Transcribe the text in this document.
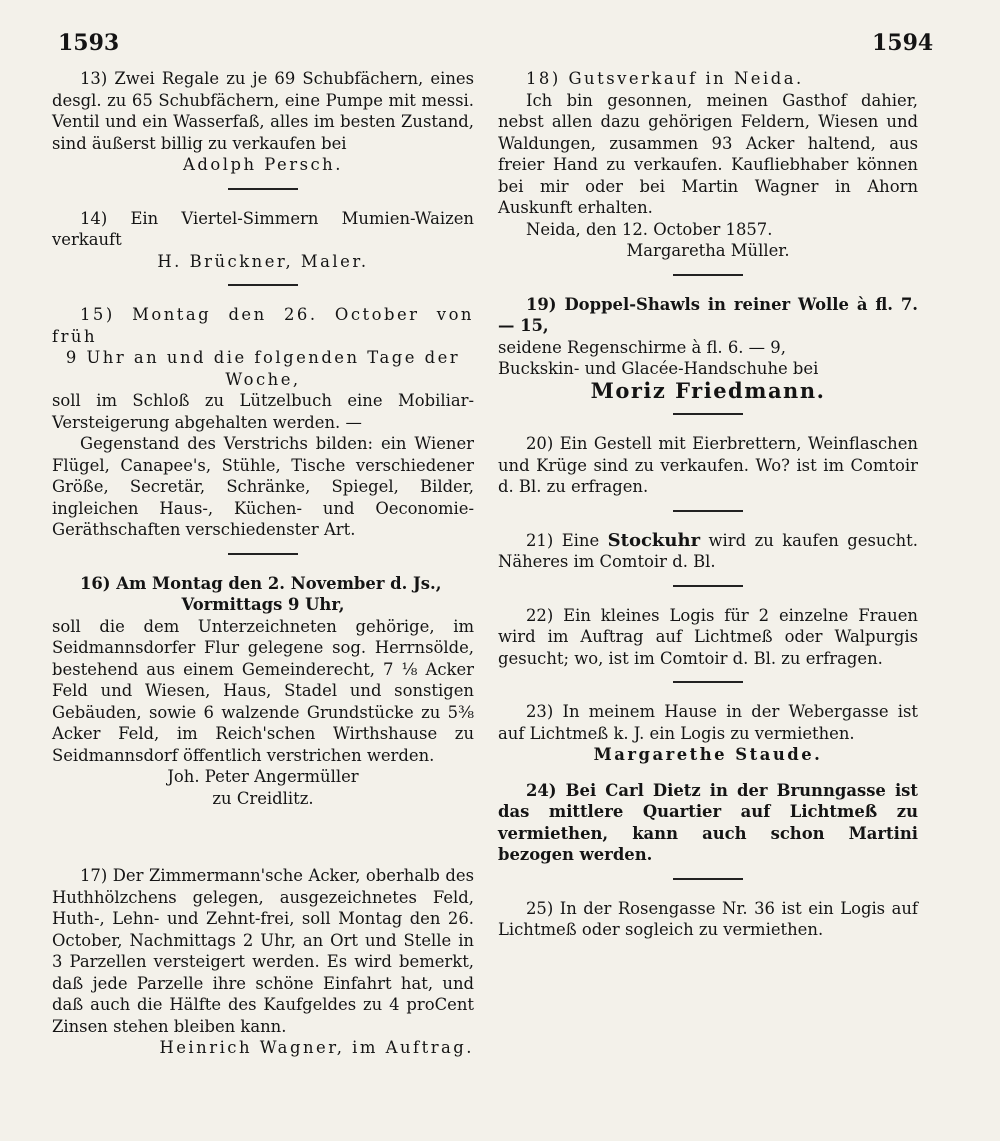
1593	1594

13) Zwei Regale zu je 69 Schubfächern, eines desgl. zu 65 Schubfächern, eine Pumpe mit messi. Ventil und ein Wasserfaß, alles im besten Zustand, sind äußerst billig zu verkaufen bei

Adolph Persch.

14) Ein Viertel-Simmern Mumien-Waizen verkauft

H. Brückner, Maler.

15) Montag den 26. October von früh

9 Uhr an und die folgenden Tage der

Woche,

soll im Schloß zu Lützelbuch eine Mobiliar-Versteigerung abgehalten werden. —

Gegenstand des Verstrichs bilden: ein Wiener Flügel, Canapee's, Stühle, Tische verschiedener Größe, Secretär, Schränke, Spiegel, Bilder, ingleichen Haus-, Küchen- und Oeconomie-Geräthschaften verschiedenster Art.

16) Am Montag den 2. November d. Js.,

Vormittags 9 Uhr,

soll die dem Unterzeichneten gehörige, im Seidmannsdorfer Flur gelegene sog. Herrnsölde, bestehend aus einem Gemeinderecht, 7 ⅛ Acker Feld und Wiesen, Haus, Stadel und sonstigen Gebäuden, sowie 6 walzende Grundstücke zu 5⅜ Acker Feld, im Reich'schen Wirthshause zu Seidmannsdorf öffentlich verstrichen werden.

Joh. Peter Angermüller

zu Creidlitz.

17) Der Zimmermann'sche Acker, oberhalb des Huthhölzchens gelegen, ausgezeichnetes Feld, Huth-, Lehn- und Zehnt-frei, soll Montag den 26. October, Nachmittags 2 Uhr, an Ort und Stelle in 3 Parzellen versteigert werden. Es wird bemerkt, daß jede Parzelle ihre schöne Einfahrt hat, und daß auch die Hälfte des Kaufgeldes zu 4 proCent Zinsen stehen bleiben kann.

Heinrich Wagner, im Auftrag.

18) Gutsverkauf in Neida.

Ich bin gesonnen, meinen Gasthof dahier, nebst allen dazu gehörigen Feldern, Wiesen und Waldungen, zusammen 93 Acker haltend, aus freier Hand zu verkaufen. Kaufliebhaber können bei mir oder bei Martin Wagner in Ahorn Auskunft erhalten.

Neida, den 12. October 1857.

Margaretha Müller.

19) Doppel-Shawls in reiner Wolle à fl. 7. — 15,

seidene Regenschirme à fl. 6. — 9,

Buckskin- und Glacée-Handschuhe bei

Moriz Friedmann.

20) Ein Gestell mit Eierbrettern, Weinflaschen und Krüge sind zu verkaufen. Wo? ist im Comtoir d. Bl. zu erfragen.

21) Eine Stockuhr wird zu kaufen gesucht. Näheres im Comtoir d. Bl.

22) Ein kleines Logis für 2 einzelne Frauen wird im Auftrag auf Lichtmeß oder Walpurgis gesucht; wo, ist im Comtoir d. Bl. zu erfragen.

23) In meinem Hause in der Webergasse ist auf Lichtmeß k. J. ein Logis zu vermiethen.

Margarethe Staude.

24) Bei Carl Dietz in der Brunngasse ist das mittlere Quartier auf Lichtmeß zu vermiethen, kann auch schon Martini bezogen werden.

25) In der Rosengasse Nr. 36 ist ein Logis auf Lichtmeß oder sogleich zu vermiethen.
